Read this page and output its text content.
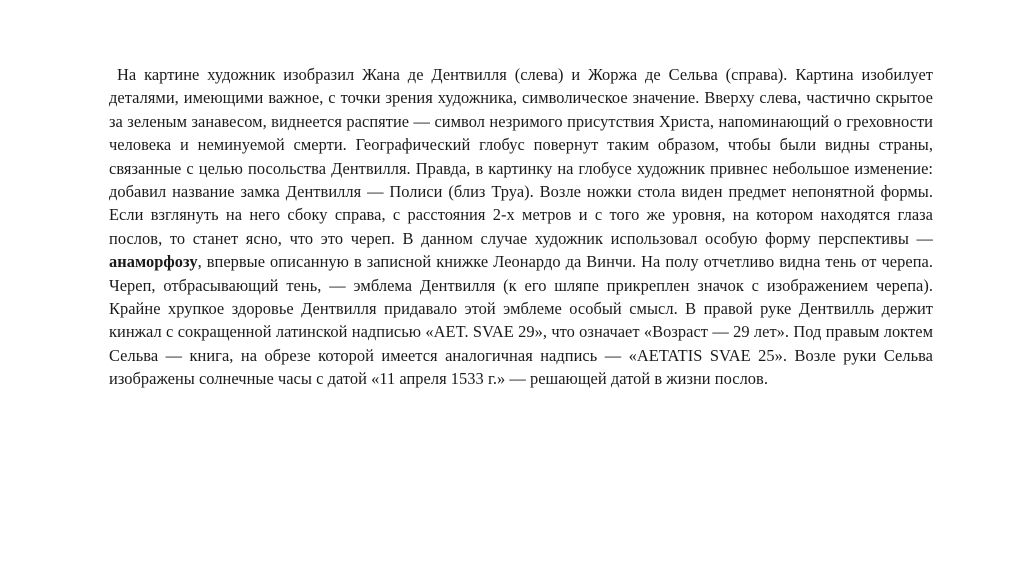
На картине художник изобразил Жана де Дентвилля (слева) и Жоржа де Сельва (справа). Картина изобилует деталями, имеющими важное, с точки зрения художника, символическое значение. Вверху слева, частично скрытое за зеленым занавесом, виднеется распятие — символ незримого присутствия Христа, напоминающий о греховности человека и неминуемой смерти. Географический глобус повернут таким образом, чтобы были видны страны, связанные с целью посольства Дентвилля. Правда, в картинку на глобусе художник привнес небольшое изменение: добавил название замка Дентвилля — Полиси (близ Труа). Возле ножки стола виден предмет непонятной формы. Если взглянуть на него сбоку справа, с расстояния 2-х метров и с того же уровня, на котором находятся глаза послов, то станет ясно, что это череп. В данном случае художник использовал особую форму перспективы — анаморфозу, впервые описанную в записной книжке Леонардо да Винчи. На полу отчетливо видна тень от черепа. Череп, отбрасывающий тень, — эмблема Дентвилля (к его шляпе прикреплен значок с изображением черепа). Крайне хрупкое здоровье Дентвилля придавало этой эмблеме особый смысл. В правой руке Дентвилль держит кинжал с сокращенной латинской надписью «AET. SVAE 29», что означает «Возраст — 29 лет». Под правым локтем Сельва — книга, на обрезе которой имеется аналогичная надпись — «AETATIS SVAE 25». Возле руки Сельва изображены солнечные часы с датой «11 апреля 1533 г.» — решающей датой в жизни послов.
